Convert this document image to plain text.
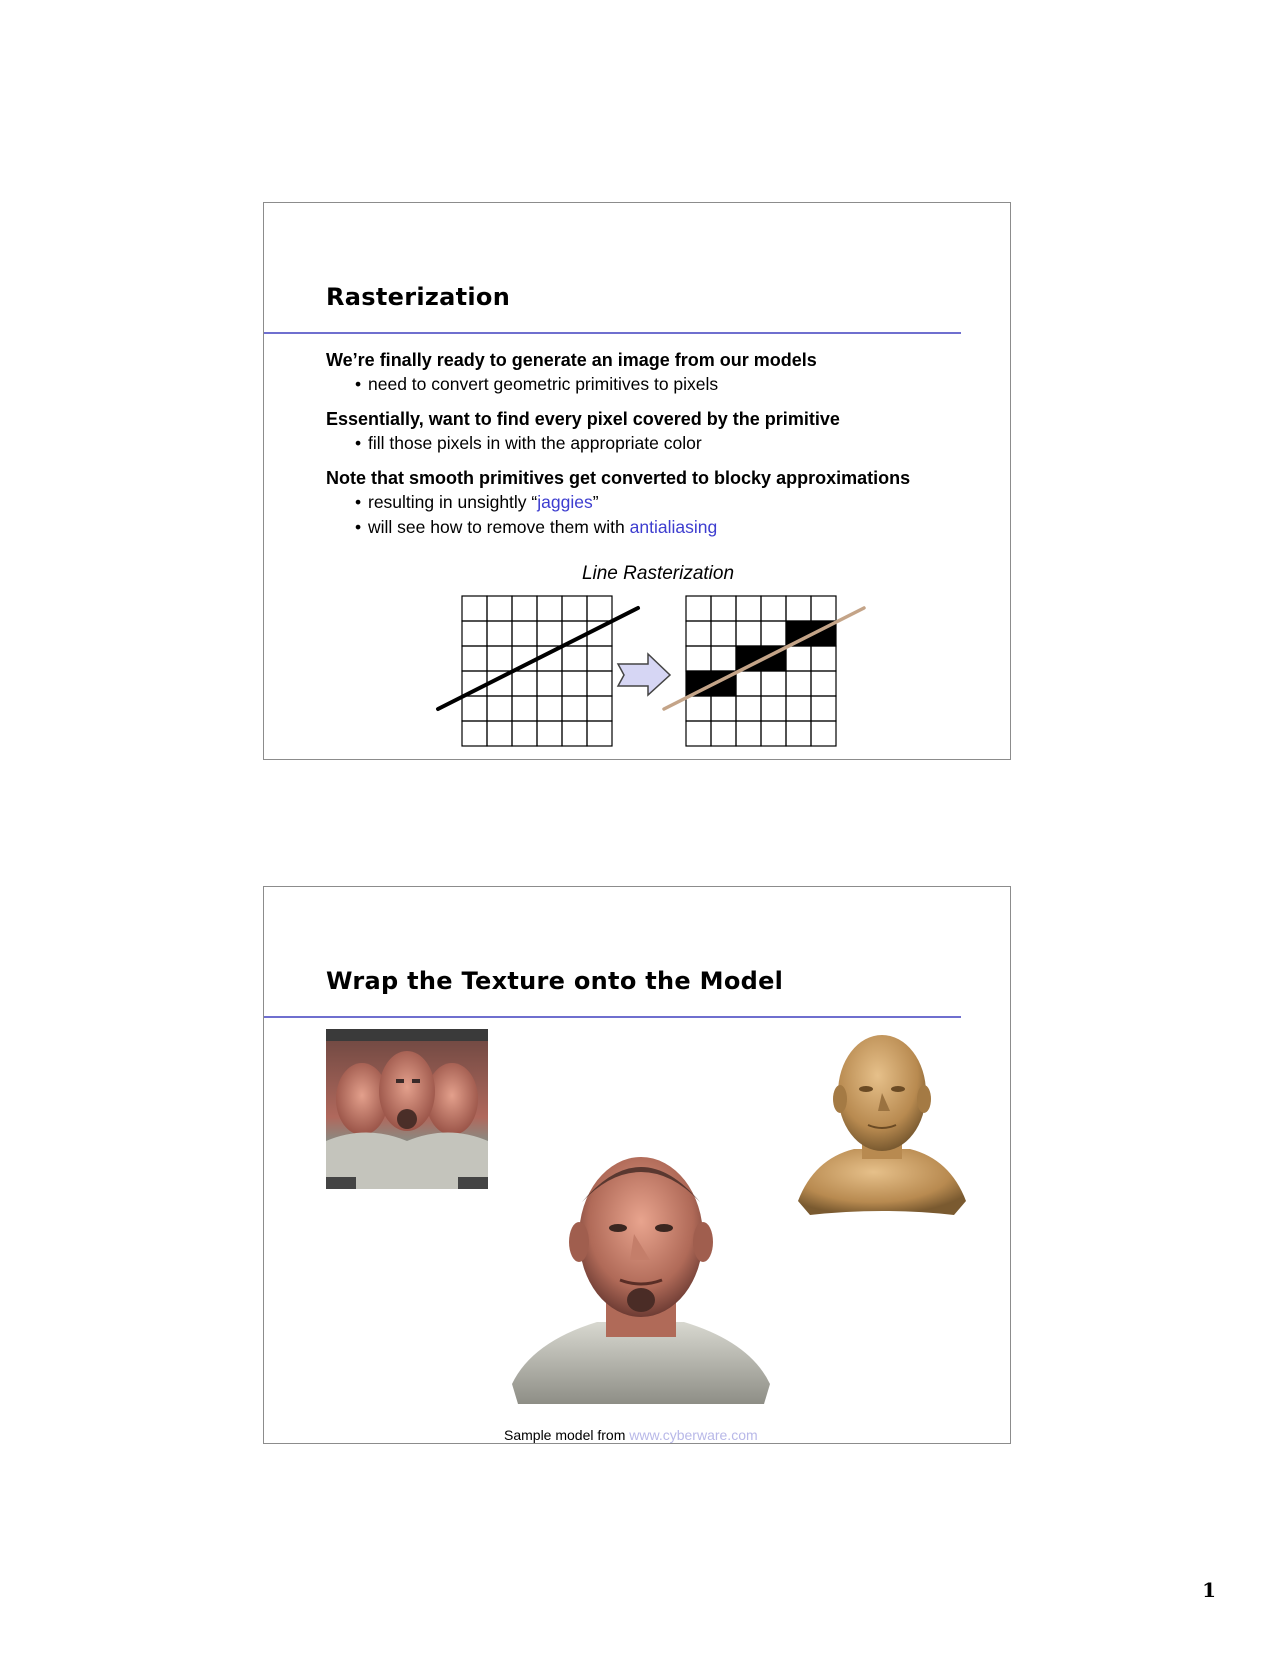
Rasterization
We’re finally ready to generate an image from our models
• need to convert geometric primitives to pixels
Essentially, want to find every pixel covered by the primitive
• fill those pixels in with the appropriate color
Note that smooth primitives get converted to blocky approximations
• resulting in unsightly “jaggies”
• will see how to remove them with antialiasing
Line Rasterization
Wrap the Texture onto the Model
Sample model from www.cyberware.com
1
